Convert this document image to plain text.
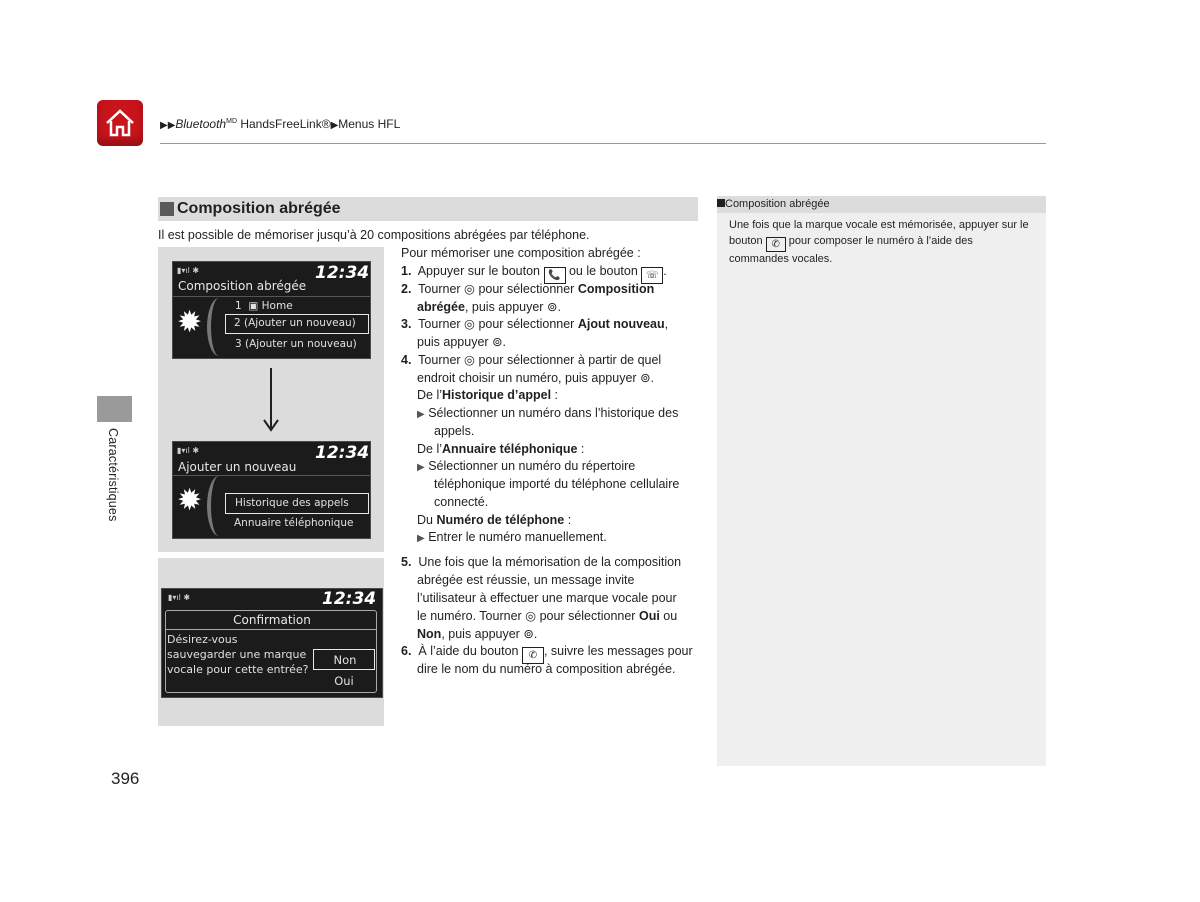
▶▶Bluetooth$^{MD}$ HandsFreeLink®▶Menus HFL
Caractéristiques
Composition abrégée
Il est possible de mémoriser jusqu’à 20 compositions abrégées par téléphone.
▮▾ıl ✱	12:34
Composition abrégée
✹	1 ▣ Home
2 (Ajouter un nouveau)
3 (Ajouter un nouveau)
▮▾ıl ✱	12:34
Ajouter un nouveau
✹	Historique des appels
Annuaire téléphonique
▮▾ıl ✱	12:34
Confirmation
Désirez-vous
sauvegarder une marque
vocale pour cette entrée?
Non
Oui
Pour mémoriser une composition abrégée :
1. Appuyer sur le bouton 📞 ou le bouton ☏ .
2. Tourner ◎ pour sélectionner Composition
abrégée, puis appuyer ⊚.
3. Tourner ◎ pour sélectionner Ajout nouveau,
puis appuyer ⊚.
4. Tourner ◎ pour sélectionner à partir de quel
endroit choisir un numéro, puis appuyer ⊚.
De l’Historique d’appel :
▶ Sélectionner un numéro dans l’historique des
appels.
De l’Annuaire téléphonique :
▶ Sélectionner un numéro du répertoire
téléphonique importé du téléphone cellulaire
connecté.
Du Numéro de téléphone :
▶ Entrer le numéro manuellement.
5. Une fois que la mémorisation de la composition
abrégée est réussie, un message invite
l’utilisateur à effectuer une marque vocale pour
le numéro. Tourner ◎ pour sélectionner Oui ou
Non, puis appuyer ⊚.
6. À l’aide du bouton ✆ , suivre les messages pour
dire le nom du numéro à composition abrégée.
Composition abrégée
Une fois que la marque vocale est mémorisée, appuyer sur le
bouton ✆ pour composer le numéro à l’aide des
commandes vocales.
396
